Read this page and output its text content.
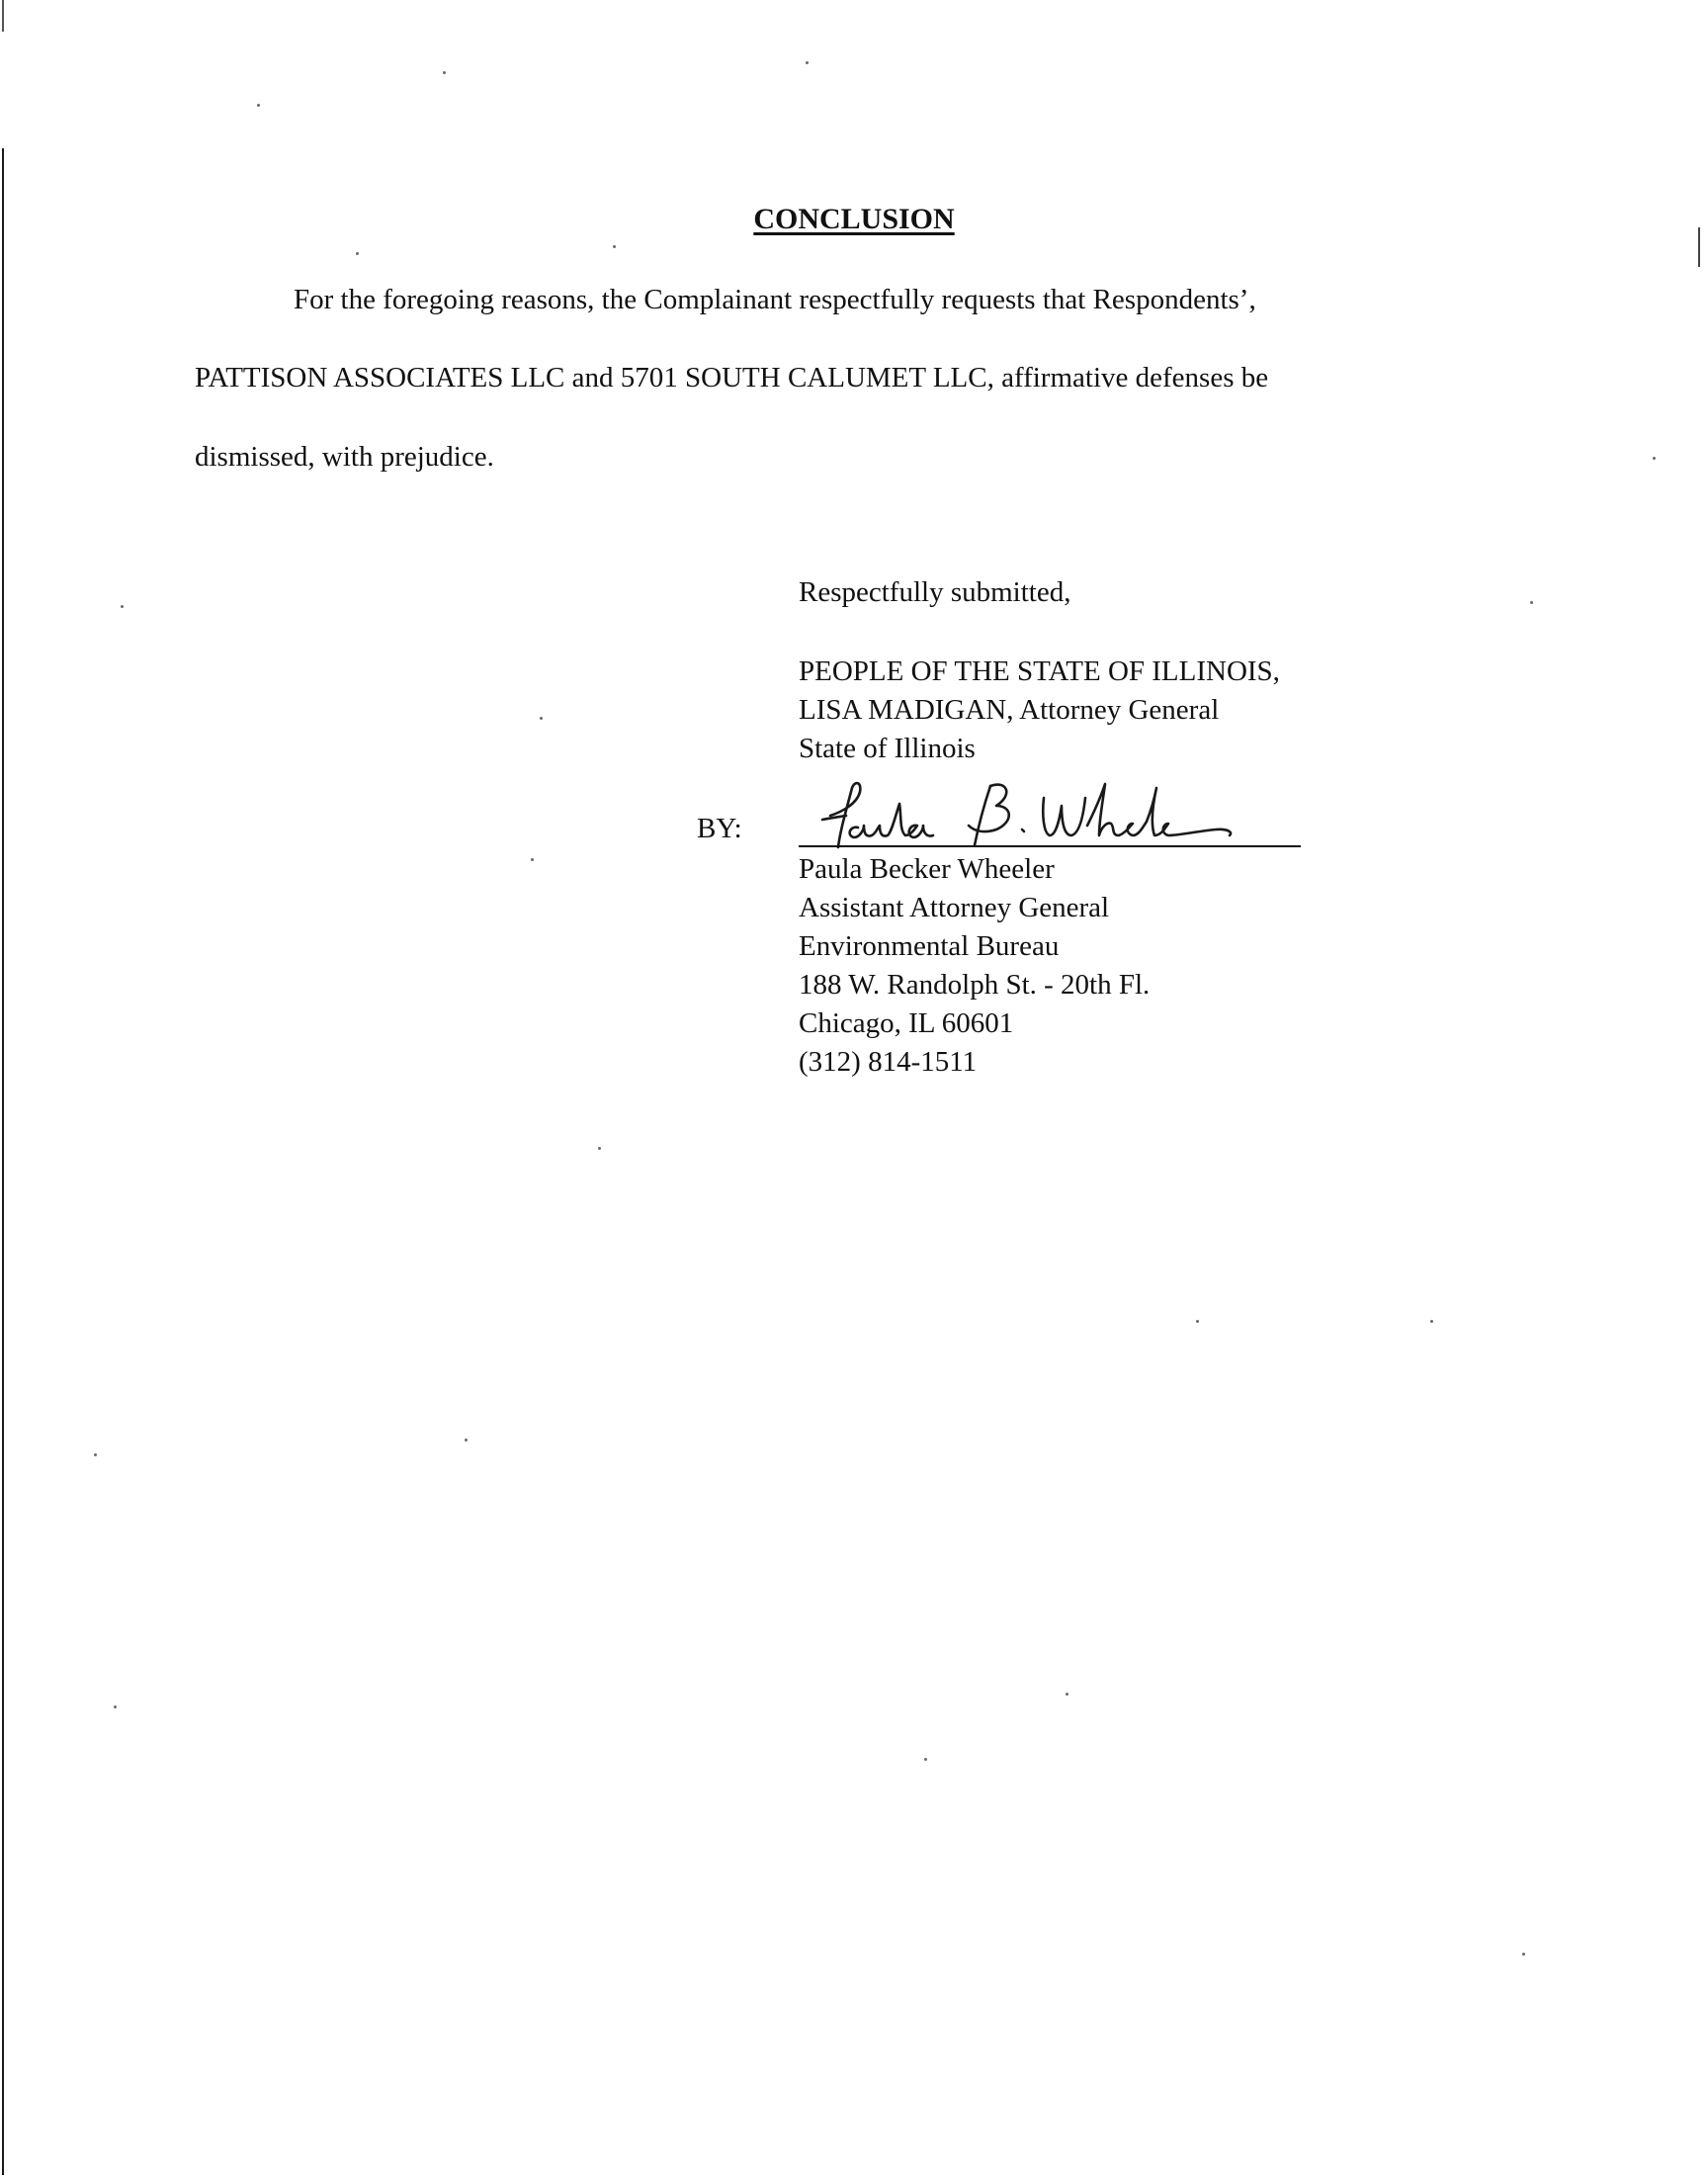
CONCLUSION
For the foregoing reasons, the Complainant respectfully requests that Respondents’,
PATTISON ASSOCIATES LLC and 5701 SOUTH CALUMET LLC, affirmative defenses be
dismissed, with prejudice.
Respectfully submitted,
PEOPLE OF THE STATE OF ILLINOIS,
LISA MADIGAN, Attorney General
State of Illinois
BY:
Paula Becker Wheeler
Assistant Attorney General
Environmental Bureau
188 W. Randolph St. - 20th Fl.
Chicago, IL 60601
(312) 814-1511
